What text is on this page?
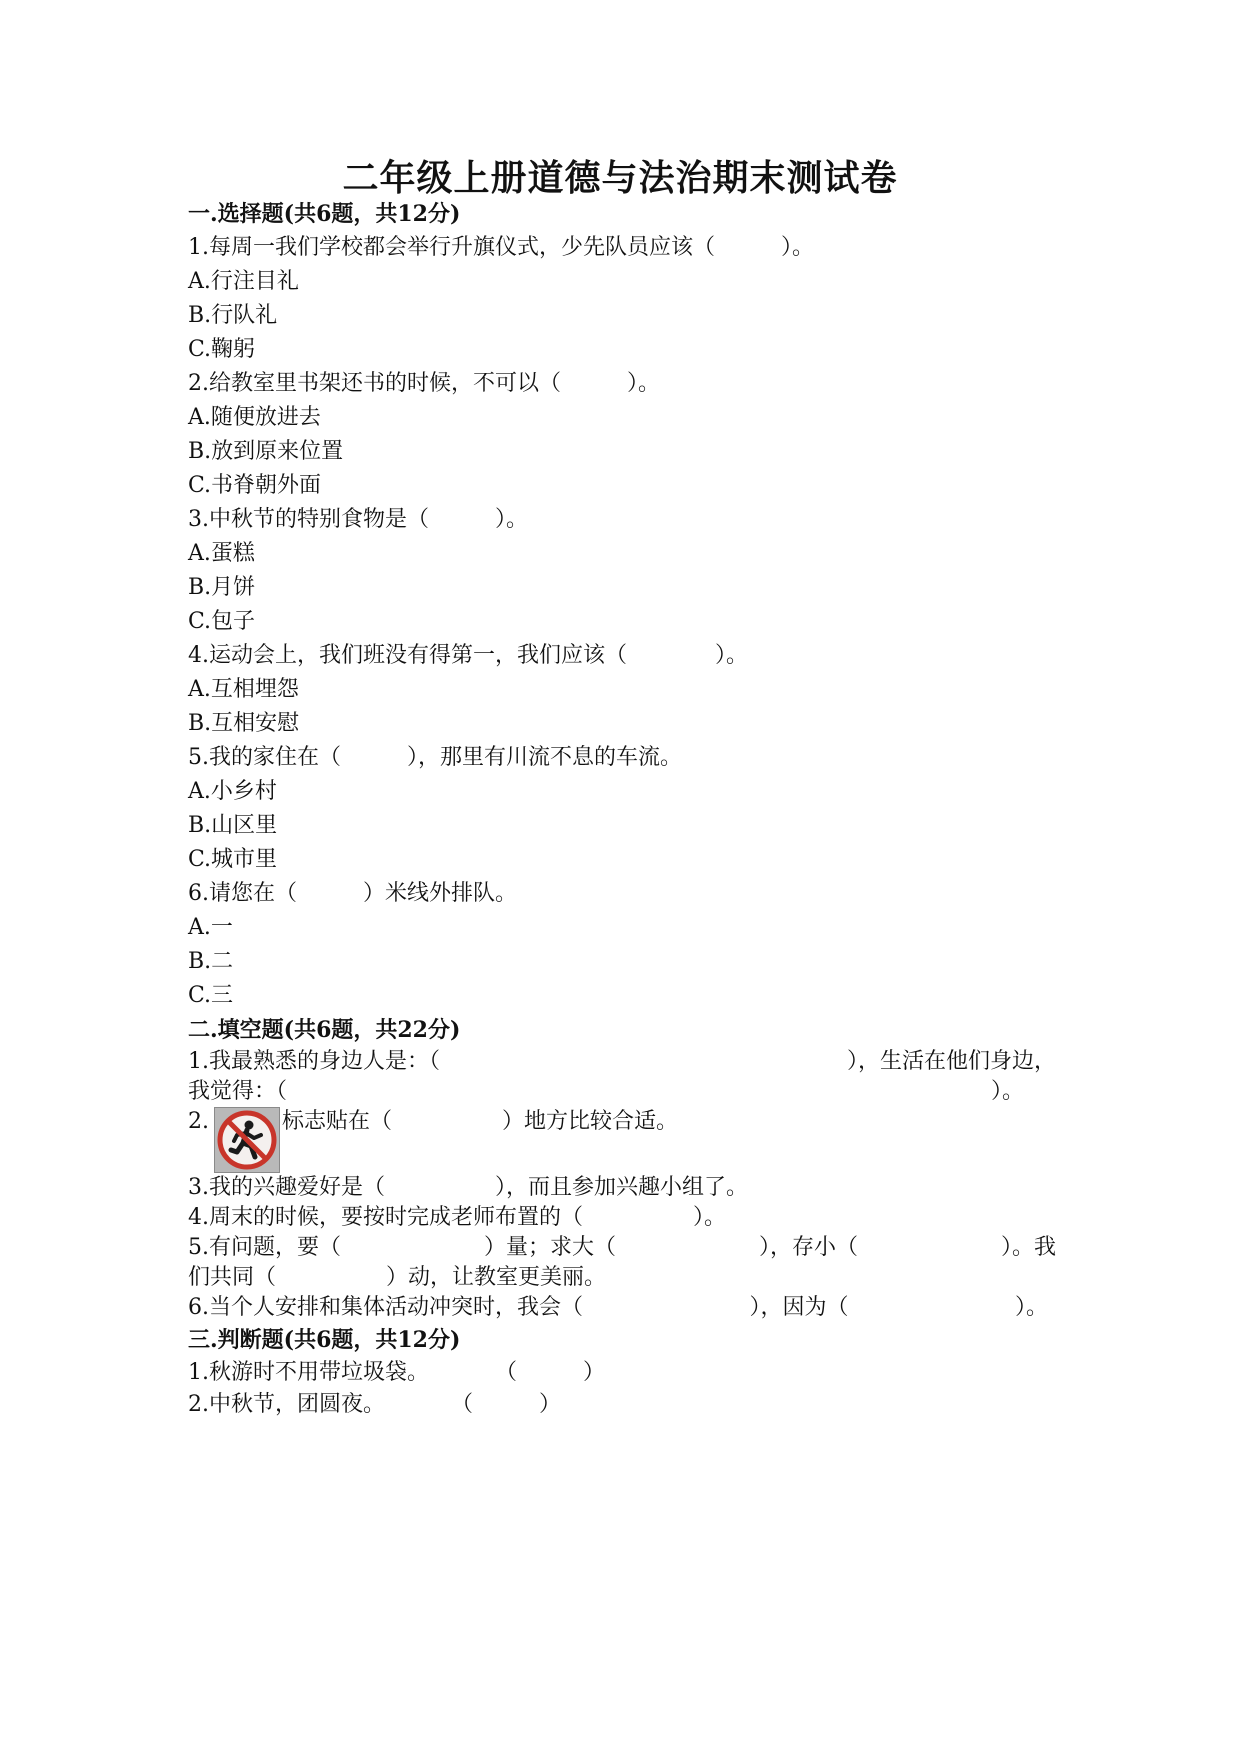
二年级上册道德与法治期末测试卷
一.选择题(共6题，共12分)
1.每周一我们学校都会举行升旗仪式，少先队员应该（　　　）。
A.行注目礼
B.行队礼
C.鞠躬
2.给教室里书架还书的时候，不可以（　　　）。
A.随便放进去
B.放到原来位置
C.书脊朝外面
3.中秋节的特别食物是（　　　）。
A.蛋糕
B.月饼
C.包子
4.运动会上，我们班没有得第一，我们应该（　　　　）。
A.互相埋怨
B.互相安慰
5.我的家住在（　　　），那里有川流不息的车流。
A.小乡村
B.山区里
C.城市里
6.请您在（　　　）米线外排队。
A.一
B.二
C.三
二.填空题(共6题，共22分)
1.我最熟悉的身边人是：（	），生活在他们身边，
我觉得：（	）。
2.	标志贴在（　　　　　）地方比较合适。
3.我的兴趣爱好是（　　　　　），而且参加兴趣小组了。
4.周末的时候，要按时完成老师布置的（　　　　　）。
5.有问题，要（	）量；求大（	），存小（	）。我
们共同（　　　　　）动，让教室更美丽。
6.当个人安排和集体活动冲突时，我会（	），因为（	）。
三.判断题(共6题，共12分)
1.秋游时不用带垃圾袋。　　　　（　　　）
2.中秋节，团圆夜。　　　　（　　　）
